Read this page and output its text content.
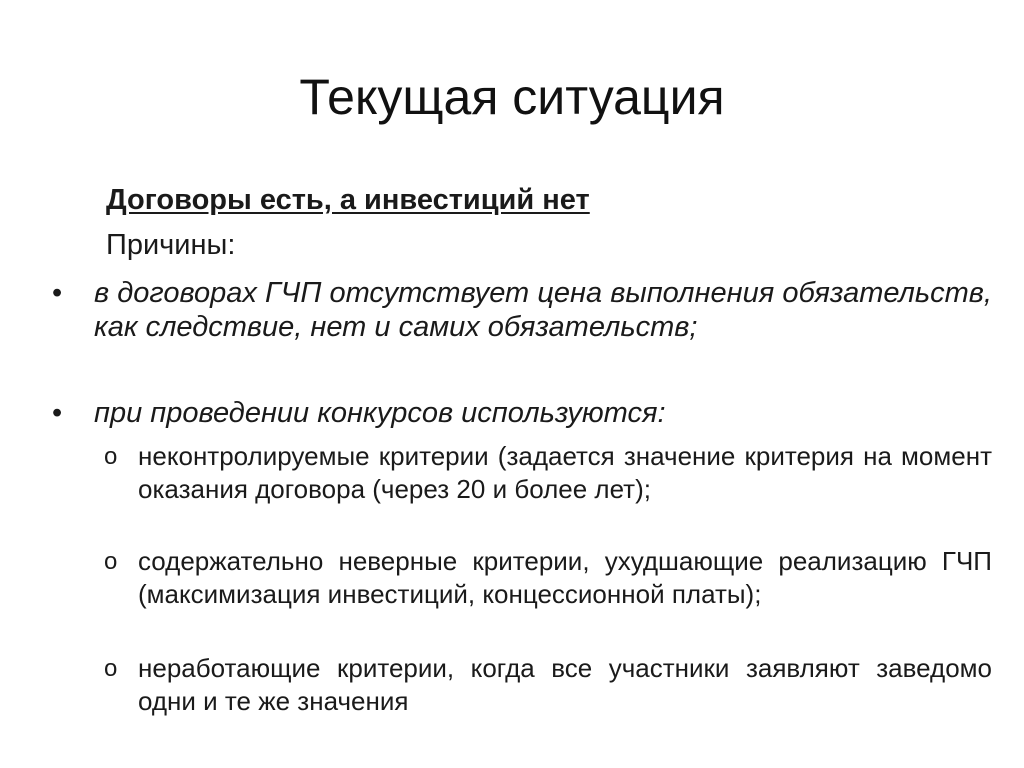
Текущая ситуация
Договоры есть, а инвестиций нет
Причины:
• в договорах ГЧП отсутствует цена выполнения обязательств, как следствие, нет и самих обязательств;
• при проведении конкурсов используются:
o неконтролируемые критерии (задается значение критерия на момент оказания договора (через 20 и более лет);
o содержательно неверные критерии, ухудшающие реализацию ГЧП (максимизация инвестиций, концессионной платы);
o неработающие критерии, когда все участники заявляют заведомо одни и те же значения
